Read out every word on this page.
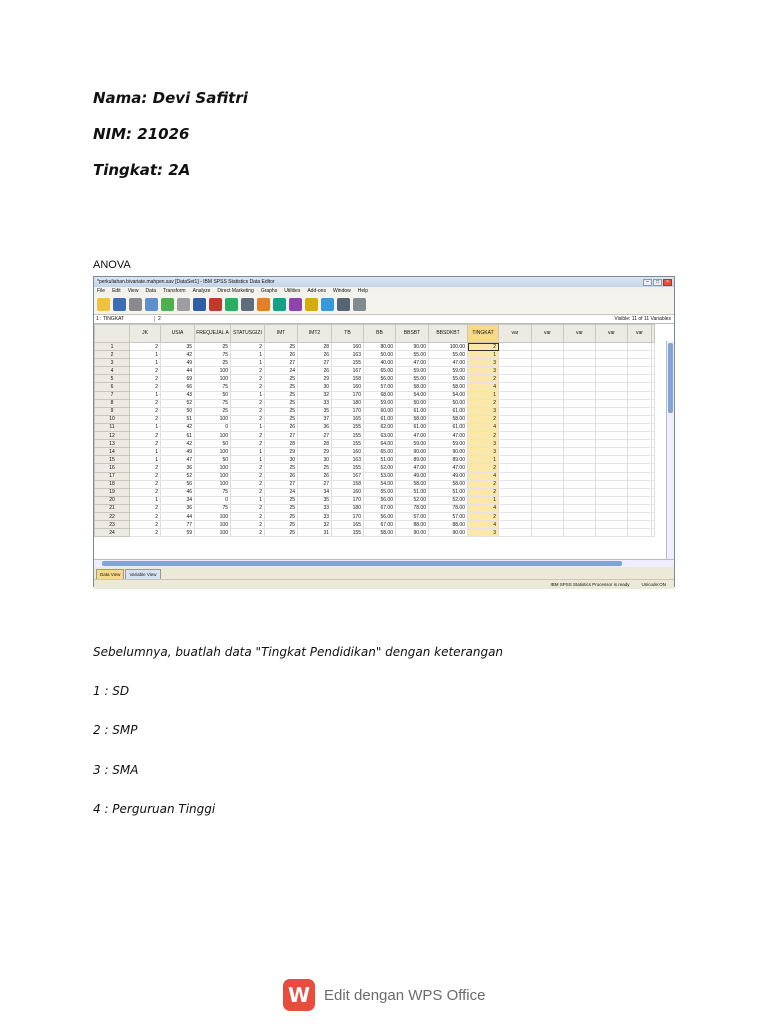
Nama: Devi Safitri
NIM: 21026
Tingkat: 2A
ANOVA
*perkuliahan.bivariate.mahpen.sav [DataSet1] - IBM SPSS Statistics Data Editor	–	□	×
File Edit View Data Transform Analyze Direct Marketing Graphs Utilities Add-ons Window Help
1 : TINGKAT	2	Visible: 11 of 11 Variables
	JK	USIA	FREQJEJAL A	STATUSGIZI	IMT	IMT2	TB	BB	BBSBT	BBSDKBT	TINGKAT	var	var	var	var	var	
1	2	35	25	2	25	28	160	80.00	90.00	100.00	2						
2	1	42	75	1	26	26	163	50.00	55.00	55.00	1						
3	1	49	25	1	27	27	155	40.00	47.00	47.00	3						
4	2	44	100	2	24	26	167	65.00	59.00	59.00	3						
5	2	69	100	2	25	29	158	56.00	55.00	55.00	2						
6	2	66	75	2	25	30	160	57.00	58.00	58.00	4						
7	1	43	50	1	25	32	170	68.00	54.00	54.00	1						
8	2	52	75	2	25	33	180	59.00	50.00	50.00	2						
9	2	50	25	2	25	35	170	60.00	61.00	61.00	3						
10	2	51	100	2	25	37	165	61.00	58.00	58.00	2						
11	1	42	0	1	26	36	155	62.00	61.00	61.00	4						
12	2	61	100	2	27	27	155	63.00	47.00	47.00	2						
13	2	42	50	2	28	28	155	64.00	59.00	59.00	3						
14	1	49	100	1	29	29	160	65.00	90.00	90.00	3						
15	1	47	50	1	30	30	163	51.00	89.00	89.00	1						
16	2	36	100	2	25	25	155	52.00	47.00	47.00	2						
17	2	52	100	2	26	26	167	53.00	49.00	49.00	4						
18	2	56	100	2	27	27	158	54.00	58.00	58.00	2						
19	2	46	75	2	24	34	160	55.00	51.00	51.00	2						
20	1	34	0	1	25	35	170	56.00	52.00	52.00	1						
21	2	36	75	2	25	33	180	67.00	78.00	78.00	4						
22	2	44	100	2	25	33	170	56.00	57.00	57.00	2						
23	2	77	100	2	25	32	165	67.00	88.00	88.00	4						
24	2	59	100	2	25	31	155	58.00	90.00	90.00	3						
Data View	Variable View
IBM SPSS Statistics Processor is ready	Unicode:ON
Sebelumnya, buatlah data "Tingkat Pendidikan" dengan keterangan
1 : SD
2 : SMP
3 : SMA
4 : Perguruan Tinggi
W Edit dengan WPS Office
